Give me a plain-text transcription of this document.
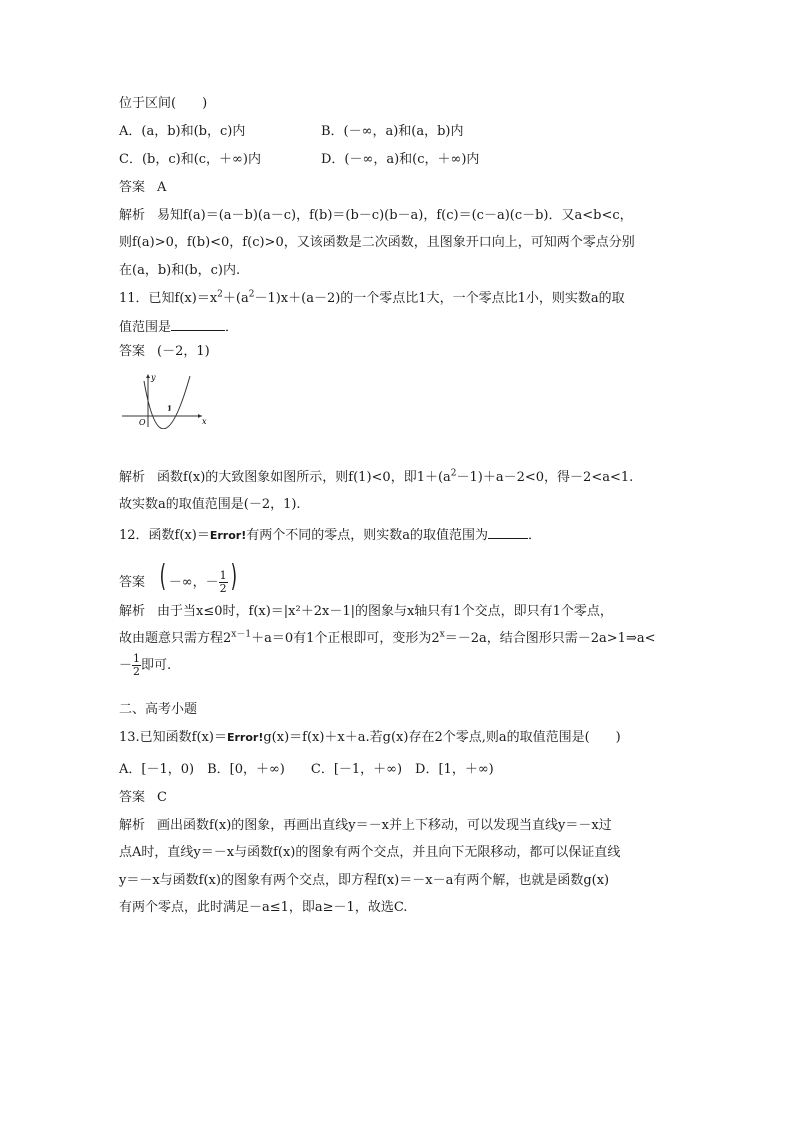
位于区间(　　)
A．(a，b)和(b，c)内	B．(－∞，a)和(a，b)内
C．(b，c)和(c，＋∞)内	D．(－∞，a)和(c，＋∞)内
答案 A
解析 易知f(a)＝(a－b)(a－c)，f(b)＝(b－c)(b－a)，f(c)＝(c－a)(c－b)．又a<b<c，
则f(a)>0，f(b)<0，f(c)>0，又该函数是二次函数，且图象开口向上，可知两个零点分别
在(a，b)和(b，c)内.
11．已知$f(x)=x^2+(a^2-1)x+(a-2)$的一个零点比1大，一个零点比1小，则实数a的取
值范围是	．
答案 (－2，1)
y
x
O
1
解析 函数f(x)的大致图象如图所示，则f(1)<0，即$1+(a^2-1)+a-2<0$，得－2<a<1.
故实数a的取值范围是(－2，1).
12．函数f(x)＝Error!有两个不同的零点，则实数a的取值范围为	．
答案 ( －∞，－ $\frac{1}{2}$ )
解析 由于当x≤0时，f(x)＝|x²＋2x－1|的图象与x轴只有1个交点，即只有1个零点，
故由题意只需方程$2^{x-1}+a=0$有1个正根即可，变形为$2^x=-2a$，结合图形只需－2a>1⇒a<
－ $\frac{1}{2}$ 即可.
二、高考小题
13.已知函数f(x)＝Error!g(x)＝f(x)＋x＋a.若g(x)存在2个零点,则a的取值范围是(　　)
A．[－1，0)　B．[0，＋∞)　　C．[－1，＋∞)　D．[1，＋∞)
答案 C
解析 画出函数f(x)的图象，再画出直线y＝－x并上下移动，可以发现当直线y＝－x过
点A时，直线y＝－x与函数f(x)的图象有两个交点，并且向下无限移动，都可以保证直线
y＝－x与函数f(x)的图象有两个交点，即方程f(x)＝－x－a有两个解，也就是函数g(x)
有两个零点，此时满足－a≤1，即a≥－1，故选C.
